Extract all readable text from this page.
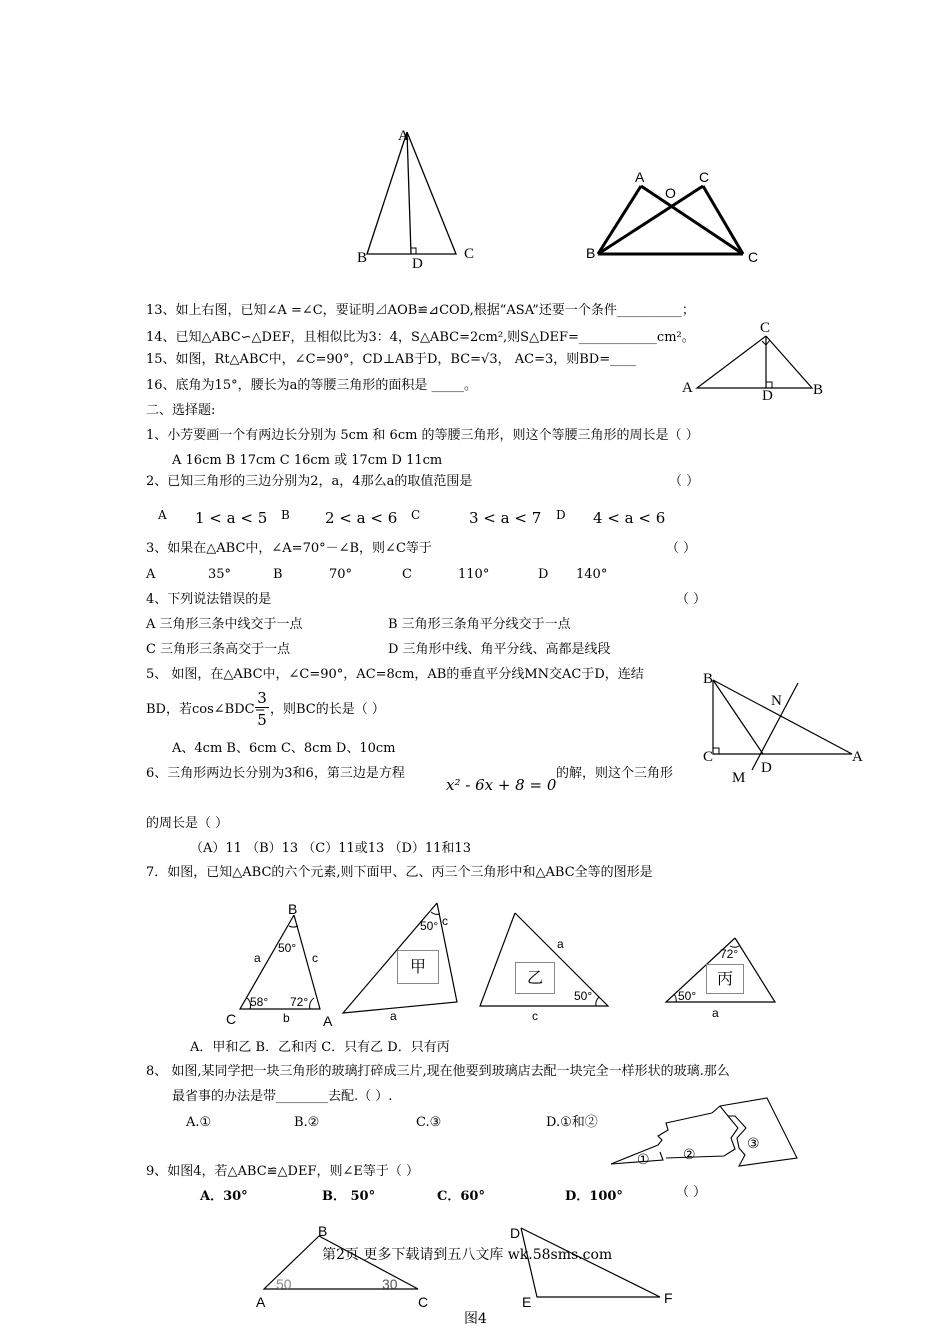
A
B	D
C
A
O
C
B	C
C
A	D	B
B
N
C
D
A
M
B
50°
a	c
58° 72°
C	b A
50° c
a
a
50°
c
72°
50°
a
① ②
③
B
A	C
50	30
D
E	F
甲
乙	丙
13、如上右图，已知∠A =∠C，要证明⊿AOB≌⊿COD,根据“ASA”还要一个条件__________；
14、已知△ABC∽△DEF，且相似比为3：4，S△ABC=2cm²,则S△DEF=____________cm²。
15、如图，Rt△ABC中，∠C=90°，CD⊥AB于D，BC=√3， AC=3，则BD=____
16、底角为15°，腰长为a的等腰三角形的面积是 _____。
二、选择题:
1、小芳要画一个有两边长分别为 5cm 和 6cm 的等腰三角形，则这个等腰三角形的周长是（ ）
A 16cm B 17cm C 16cm 或 17cm D 11cm
2、已知三角形的三边分别为2，a，4那么a的取值范围是	（ ）
A 1 < a < 5 B 2 < a < 6 C	3 < a < 7 D 4 < a < 6
3、如果在△ABC中，∠A=70°－∠B，则∠C等于	（ ）
A	35°	B	70°	C	110°	D 140°
4、下列说法错误的是	（ ）
A 三角形三条中线交于一点	B 三角形三条角平分线交于一点
C 三角形三条高交于一点	D 三角形中线、角平分线、高都是线段
5、 如图，在△ABC中，∠C=90°，AC=8cm，AB的垂直平分线MN交AC于D，连结
BD，若cos∠BDC=
3
5
，则BC的长是（ ）
A、4cm B、6cm C、8cm D、10cm
6、三角形两边长分别为3和6，第三边是方程
x² - 6x + 8 = 0
的解，则这个三角形
的周长是（ ）
（A）11 （B）13 （C）11或13 （D）11和13
7．如图，已知△ABC的六个元素,则下面甲、乙、丙三个三角形中和△ABC全等的图形是
A．甲和乙 B．乙和丙 C．只有乙 D．只有丙
8、 如图,某同学把一块三角形的玻璃打碎成三片,现在他要到玻璃店去配一块完全一样形状的玻璃.那么
最省事的办法是带________去配.（ ）.
A.①	B.②	C.③	D.①和②
9、如图4，若△ABC≌△DEF，则∠E等于（ ）
A．30°	B． 50°	C．60°	D．100°	（ ）
第2页 更多下载请到五八文库 wk.58sms.com
图4
